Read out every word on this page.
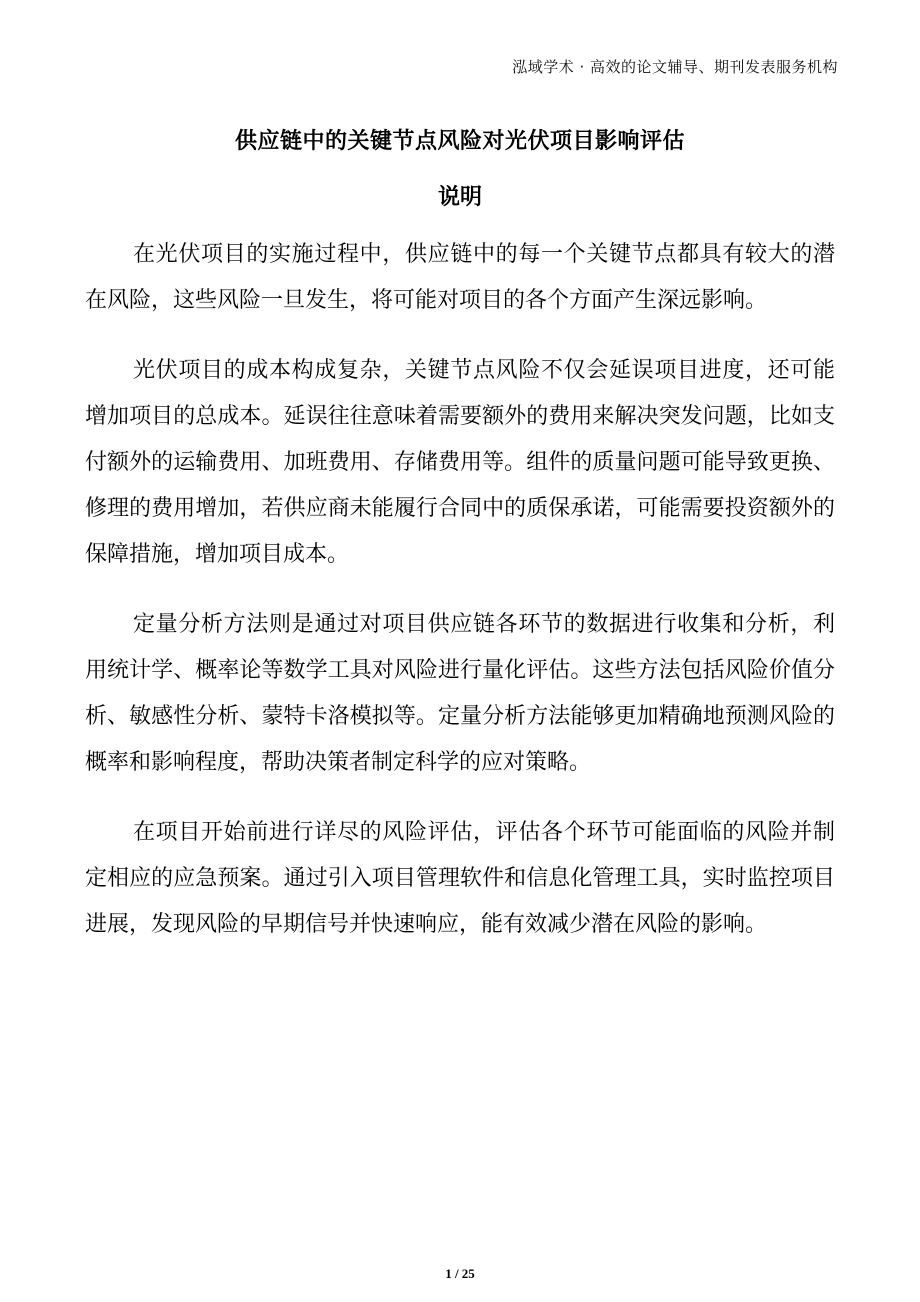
泓域学术 · 高效的论文辅导、期刊发表服务机构
供应链中的关键节点风险对光伏项目影响评估
说明

在光伏项目的实施过程中，供应链中的每一个关键节点都具有较大的潜在风险，这些风险一旦发生，将可能对项目的各个方面产生深远影响。

光伏项目的成本构成复杂，关键节点风险不仅会延误项目进度，还可能增加项目的总成本。延误往往意味着需要额外的费用来解决突发问题，比如支付额外的运输费用、加班费用、存储费用等。组件的质量问题可能导致更换、修理的费用增加，若供应商未能履行合同中的质保承诺，可能需要投资额外的保障措施，增加项目成本。

定量分析方法则是通过对项目供应链各环节的数据进行收集和分析，利用统计学、概率论等数学工具对风险进行量化评估。这些方法包括风险价值分析、敏感性分析、蒙特卡洛模拟等。定量分析方法能够更加精确地预测风险的概率和影响程度，帮助决策者制定科学的应对策略。

在项目开始前进行详尽的风险评估，评估各个环节可能面临的风险并制定相应的应急预案。通过引入项目管理软件和信息化管理工具，实时监控项目进展，发现风险的早期信号并快速响应，能有效减少潜在风险的影响。

1 / 25
